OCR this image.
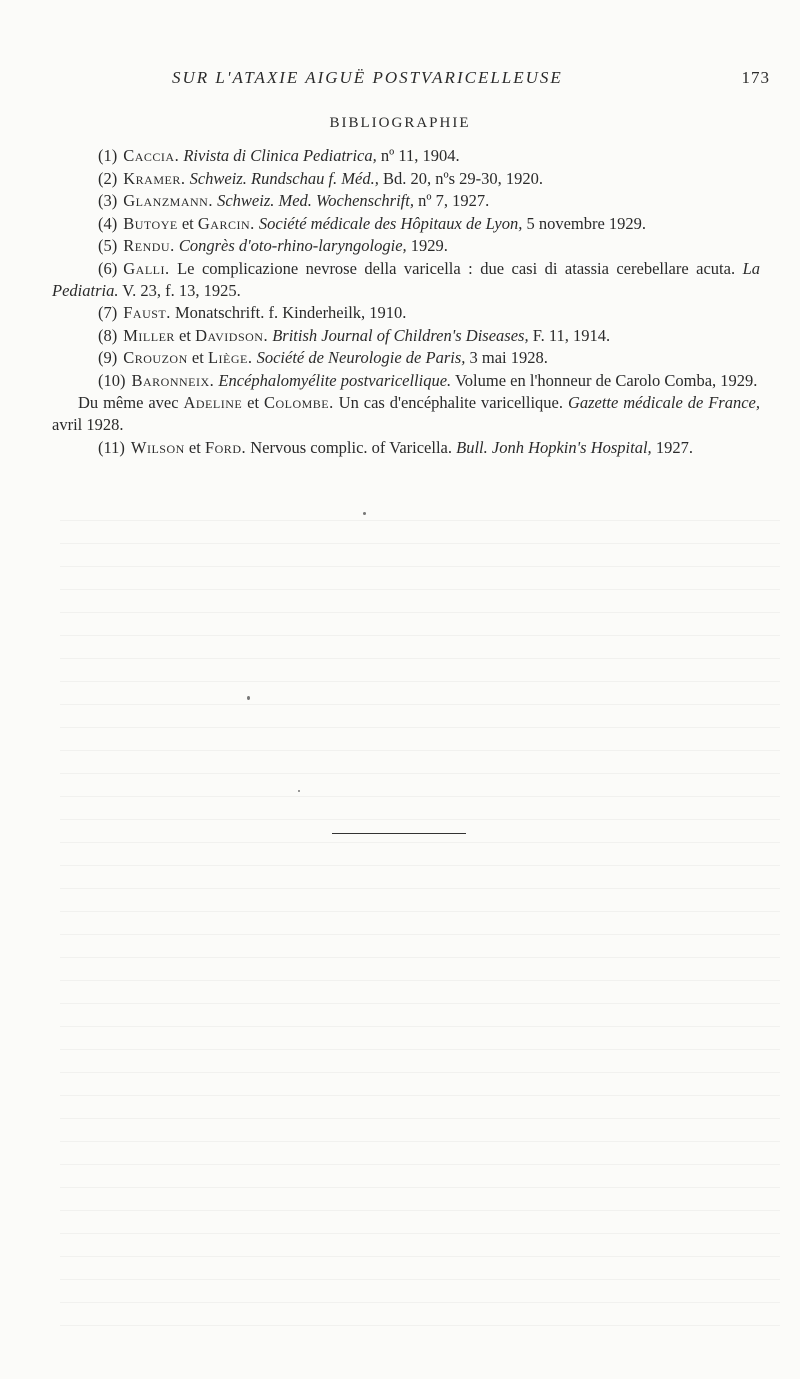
SUR L'ATAXIE AIGUË POSTVARICELLEUSE	173
BIBLIOGRAPHIE

(1) Caccia. Rivista di Clinica Pediatrica, nº 11, 1904.

(2) Kramer. Schweiz. Rundschau f. Méd., Bd. 20, nºs 29-30, 1920.

(3) Glanzmann. Schweiz. Med. Wochenschrift, nº 7, 1927.

(4) Butoye et Garcin. Société médicale des Hôpitaux de Lyon, 5 novembre 1929.

(5) Rendu. Congrès d'oto-rhino-laryngologie, 1929.

(6) Galli. Le complicazione nevrose della varicella : due casi di atassia cerebellare acuta. La Pediatria. V. 23, f. 13, 1925.

(7) Faust. Monatschrift. f. Kinderheilk, 1910.

(8) Miller et Davidson. British Journal of Children's Diseases, F. 11, 1914.

(9) Crouzon et Liège. Société de Neurologie de Paris, 3 mai 1928.

(10) Baronneix. Encéphalomyélite postvaricellique. Volume en l'honneur de Carolo Comba, 1929.

Du même avec Adeline et Colombe. Un cas d'encéphalite varicellique. Gazette médicale de France, avril 1928.

(11) Wilson et Ford. Nervous complic. of Varicella. Bull. Jonh Hopkin's Hospital, 1927.
